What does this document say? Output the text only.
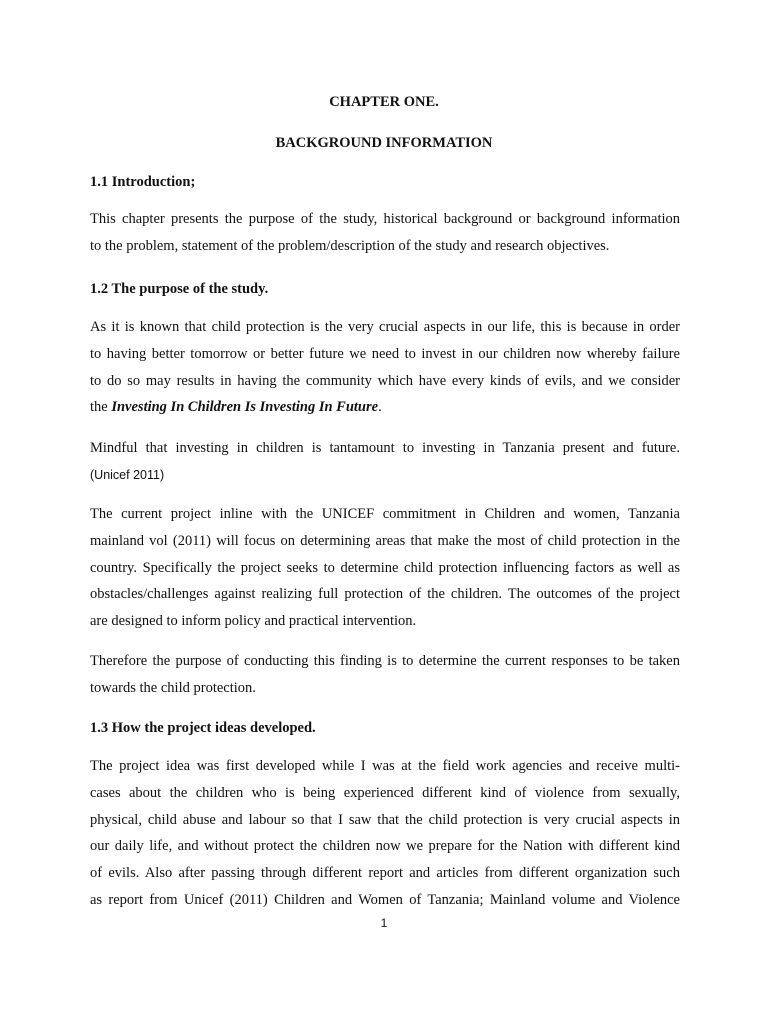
CHAPTER ONE.
BACKGROUND INFORMATION
1.1 Introduction;

This chapter presents the purpose of the study, historical background or background information
to the problem, statement of the problem/description of the study and research objectives.

1.2 The purpose of the study.

As it is known that child protection is the very crucial aspects in our life, this is because in order
to having better tomorrow or better future we need to invest in our children now whereby failure
to do so may results in having the community which have every kinds of evils, and we consider
the Investing In Children Is Investing In Future.

Mindful that investing in children is tantamount to investing in Tanzania present and future.
(Unicef 2011)

The current project inline with the UNICEF commitment in Children and women, Tanzania
mainland vol (2011) will focus on determining areas that make the most of child protection in the
country. Specifically the project seeks to determine child protection influencing factors as well as
obstacles/challenges against realizing full protection of the children. The outcomes of the project
are designed to inform policy and practical intervention.

Therefore the purpose of conducting this finding is to determine the current responses to be taken
towards the child protection.

1.3 How the project ideas developed.

The project idea was first developed while I was at the field work agencies and receive multi-
cases about the children who is being experienced different kind of violence from sexually,
physical, child abuse and labour so that I saw that the child protection is very crucial aspects in
our daily life, and without protect the children now we prepare for the Nation with different kind
of evils. Also after passing through different report and articles from different organization such
as report from Unicef (2011) Children and Women of Tanzania; Mainland volume and Violence

1
